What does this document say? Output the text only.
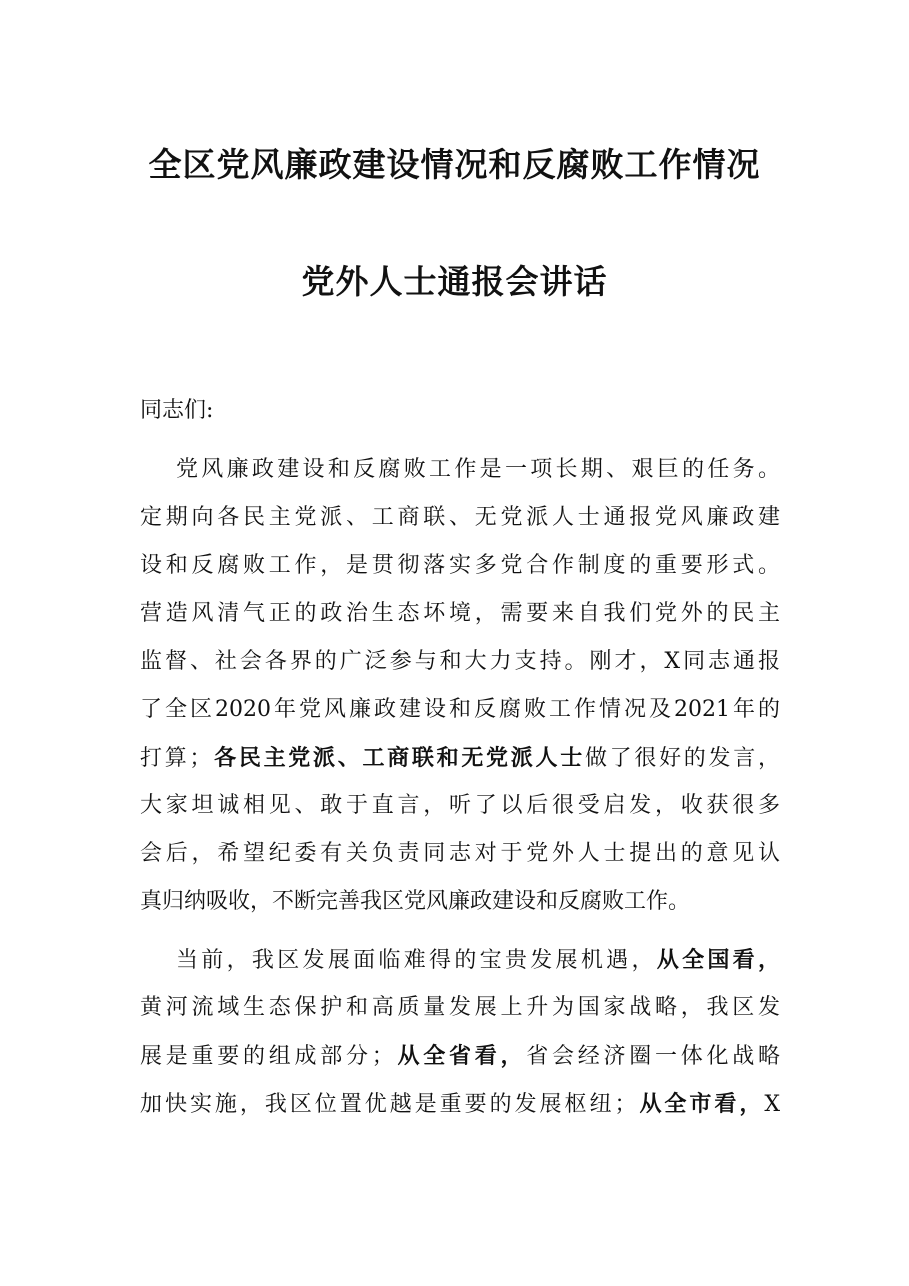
全区党风廉政建设情况和反腐败工作情况
党外人士通报会讲话
同志们:
党风廉政建设和反腐败工作是一项长期、艰巨的任务。
定期向各民主党派、工商联、无党派人士通报党风廉政建
设和反腐败工作，是贯彻落实多党合作制度的重要形式。
营造风清气正的政治生态坏境，需要来自我们党外的民主
监督、社会各界的广泛参与和大力支持。刚才，X同志通报
了全区2020年党风廉政建设和反腐败工作情况及2021年的
打算；各民主党派、工商联和无党派人士做了很好的发言，
大家坦诚相见、敢于直言，听了以后很受启发，收获很多
会后，希望纪委有关负责同志对于党外人士提出的意见认
真归纳吸收，不断完善我区党风廉政建设和反腐败工作。
当前，我区发展面临难得的宝贵发展机遇，从全国看，
黄河流域生态保护和高质量发展上升为国家战略，我区发
展是重要的组成部分；从全省看，省会经济圈一体化战略
加快实施，我区位置优越是重要的发展枢纽；从全市看，X
